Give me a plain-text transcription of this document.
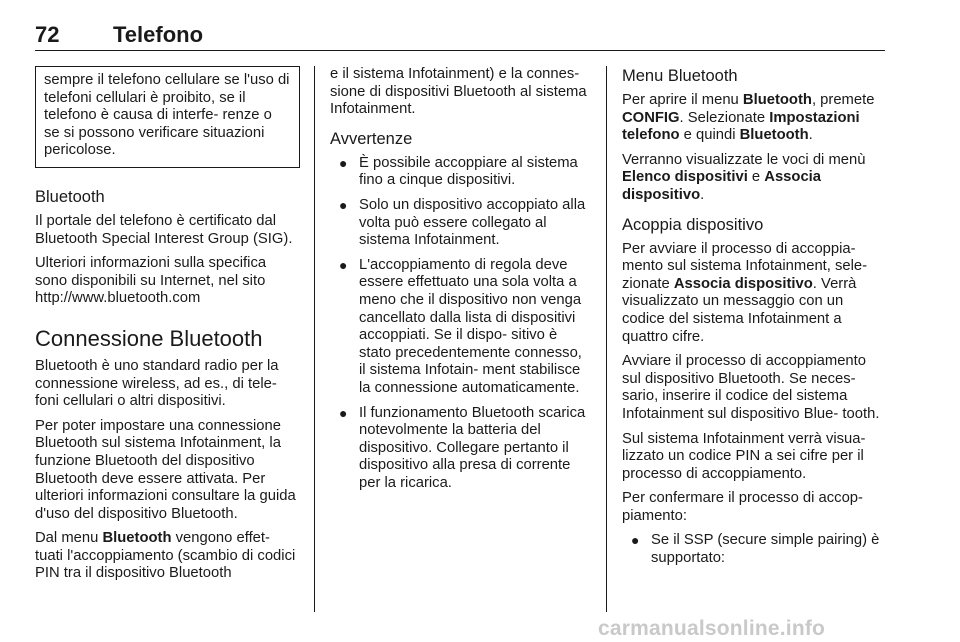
72 Telefono

sempre il telefono cellulare se l'uso di telefoni cellulari è proibito, se il telefono è causa di interfe- renze o se si possono verificare situazioni pericolose.

Bluetooth

Il portale del telefono è certificato dal Bluetooth Special Interest Group (SIG).

Ulteriori informazioni sulla specifica sono disponibili su Internet, nel sito http://www.bluetooth.com

Connessione Bluetooth

Bluetooth è uno standard radio per la connessione wireless, ad es., di tele- foni cellulari o altri dispositivi.

Per poter impostare una connessione Bluetooth sul sistema Infotainment, la funzione Bluetooth del dispositivo Bluetooth deve essere attivata. Per ulteriori informazioni consultare la guida d'uso del dispositivo Bluetooth.

Dal menu Bluetooth vengono effet- tuati l'accoppiamento (scambio di codici PIN tra il dispositivo Bluetooth

e il sistema Infotainment) e la connes- sione di dispositivi Bluetooth al sistema Infotainment.

Avvertenze
● È possibile accoppiare al sistema fino a cinque dispositivi.
● Solo un dispositivo accoppiato alla volta può essere collegato al sistema Infotainment.
● L'accoppiamento di regola deve essere effettuato una sola volta a meno che il dispositivo non venga cancellato dalla lista di dispositivi accoppiati. Se il dispo- sitivo è stato precedentemente connesso, il sistema Infotain- ment stabilisce la connessione automaticamente.
● Il funzionamento Bluetooth scarica notevolmente la batteria del dispositivo. Collegare pertanto il dispositivo alla presa di corrente per la ricarica.
Menu Bluetooth

Per aprire il menu Bluetooth, premete CONFIG. Selezionate Impostazioni telefono e quindi Bluetooth.

Verranno visualizzate le voci di menù Elenco dispositivi e Associa dispositivo.

Acoppia dispositivo

Per avviare il processo di accoppia- mento sul sistema Infotainment, sele- zionate Associa dispositivo. Verrà visualizzato un messaggio con un codice del sistema Infotainment a quattro cifre.

Avviare il processo di accoppiamento sul dispositivo Bluetooth. Se neces- sario, inserire il codice del sistema Infotainment sul dispositivo Blue- tooth.

Sul sistema Infotainment verrà visua- lizzato un codice PIN a sei cifre per il processo di accoppiamento.

Per confermare il processo di accop- piamento:

● Se il SSP (secure simple pairing) è supportato:
carmanualsonline.info
